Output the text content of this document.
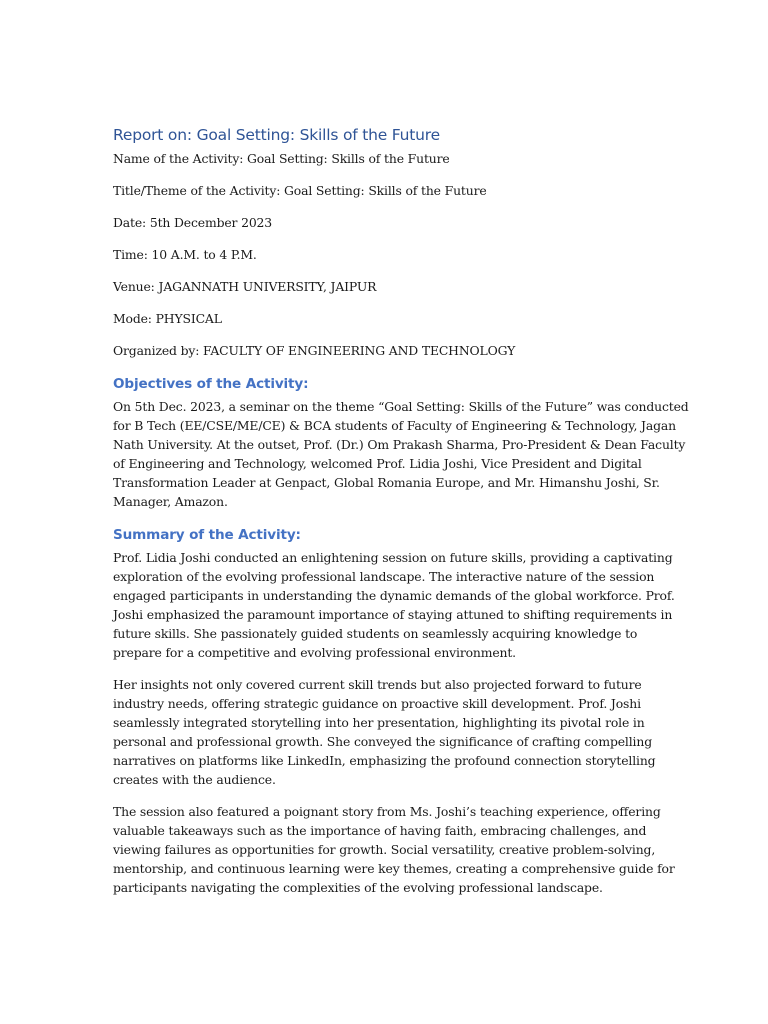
Report on: Goal Setting: Skills of the Future

Name of the Activity: Goal Setting: Skills of the Future

Title/Theme of the Activity: Goal Setting: Skills of the Future

Date: 5th December 2023

Time: 10 A.M. to 4 P.M.

Venue: JAGANNATH UNIVERSITY, JAIPUR

Mode: PHYSICAL

Organized by: FACULTY OF ENGINEERING AND TECHNOLOGY

Objectives of the Activity:

On 5th Dec. 2023, a seminar on the theme “Goal Setting: Skills of the Future” was conducted
for B Tech (EE/CSE/ME/CE) & BCA students of Faculty of Engineering & Technology, Jagan
Nath University. At the outset, Prof. (Dr.) Om Prakash Sharma, Pro-President & Dean Faculty
of Engineering and Technology, welcomed Prof. Lidia Joshi, Vice President and Digital
Transformation Leader at Genpact, Global Romania Europe, and Mr. Himanshu Joshi, Sr.
Manager, Amazon.

Summary of the Activity:

Prof. Lidia Joshi conducted an enlightening session on future skills, providing a captivating
exploration of the evolving professional landscape. The interactive nature of the session
engaged participants in understanding the dynamic demands of the global workforce. Prof.
Joshi emphasized the paramount importance of staying attuned to shifting requirements in
future skills. She passionately guided students on seamlessly acquiring knowledge to
prepare for a competitive and evolving professional environment.

Her insights not only covered current skill trends but also projected forward to future
industry needs, offering strategic guidance on proactive skill development. Prof. Joshi
seamlessly integrated storytelling into her presentation, highlighting its pivotal role in
personal and professional growth. She conveyed the significance of crafting compelling
narratives on platforms like LinkedIn, emphasizing the profound connection storytelling
creates with the audience.

The session also featured a poignant story from Ms. Joshi’s teaching experience, offering
valuable takeaways such as the importance of having faith, embracing challenges, and
viewing failures as opportunities for growth. Social versatility, creative problem-solving,
mentorship, and continuous learning were key themes, creating a comprehensive guide for
participants navigating the complexities of the evolving professional landscape.
